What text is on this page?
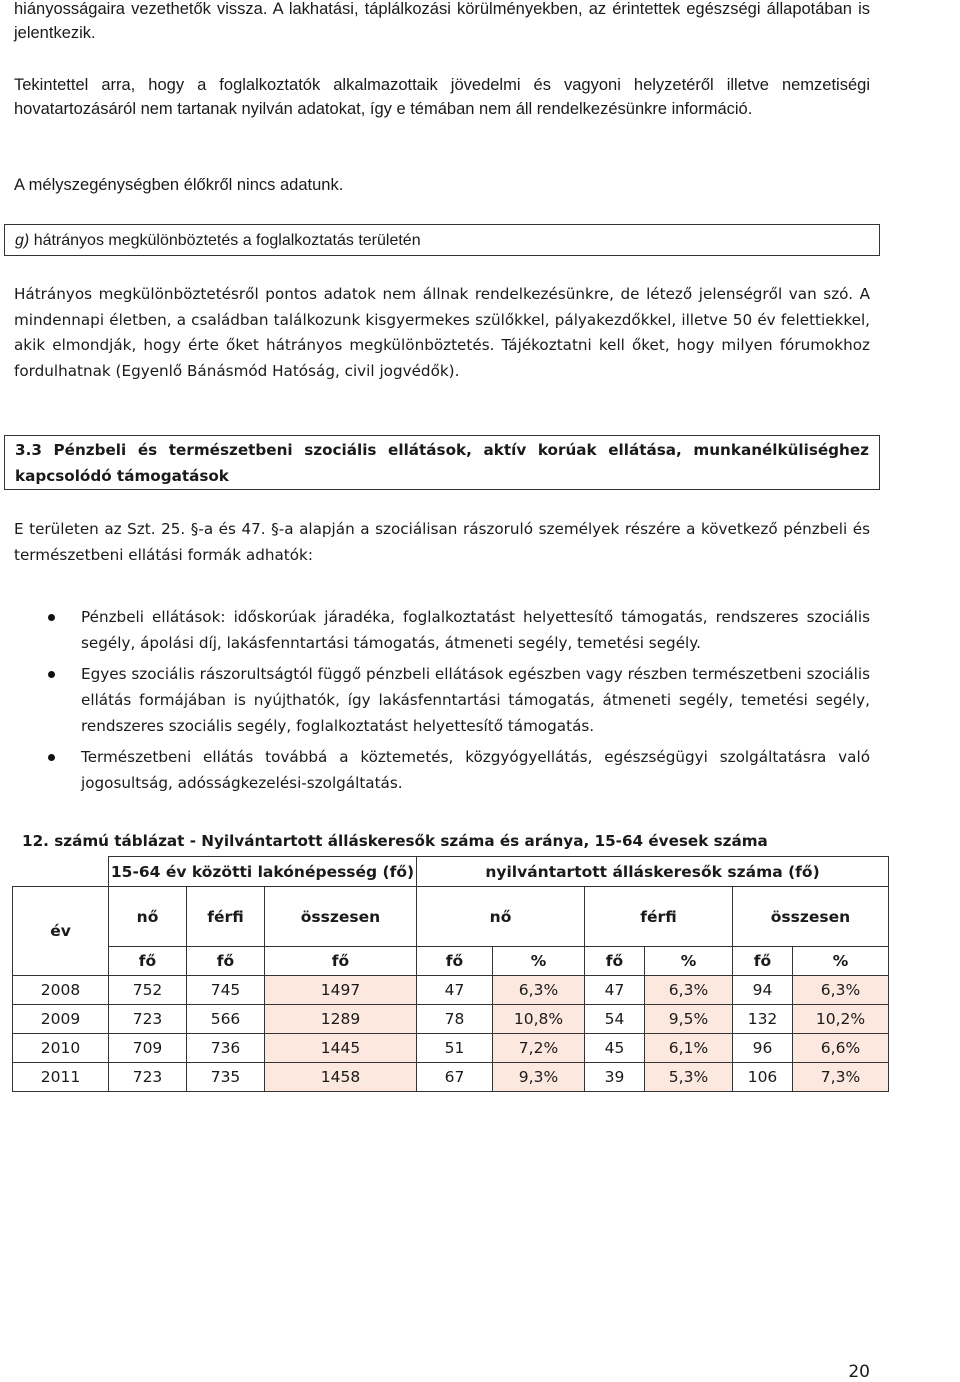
hiányosságaira vezethetők vissza. A lakhatási, táplálkozási körülményekben, az érintettek egészségi állapotában is jelentkezik.
Tekintettel arra, hogy a foglalkoztatók alkalmazottaik jövedelmi és vagyoni helyzetéről illetve nemzetiségi hovatartozásáról nem tartanak nyilván adatokat, így e témában nem áll rendelkezésünkre információ.
A mélyszegénységben élőkről nincs adatunk.
g) hátrányos megkülönböztetés a foglalkoztatás területén
Hátrányos megkülönböztetésről pontos adatok nem állnak rendelkezésünkre, de létező jelenségről van szó. A mindennapi életben, a családban találkozunk kisgyermekes szülőkkel, pályakezdőkkel, illetve 50 év felettiekkel, akik elmondják, hogy érte őket hátrányos megkülönböztetés. Tájékoztatni kell őket, hogy milyen fórumokhoz fordulhatnak (Egyenlő Bánásmód Hatóság, civil jogvédők).
3.3 Pénzbeli és természetbeni szociális ellátások, aktív korúak ellátása, munkanélküliséghez kapcsolódó támogatások
E területen az Szt. 25. §-a és 47. §-a alapján a szociálisan rászoruló személyek részére a következő pénzbeli és természetbeni ellátási formák adhatók:
Pénzbeli ellátások: időskorúak járadéka, foglalkoztatást helyettesítő támogatás, rendszeres szociális segély, ápolási díj, lakásfenntartási támogatás, átmeneti segély, temetési segély.
Egyes szociális rászorultságtól függő pénzbeli ellátások egészben vagy részben természetbeni szociális ellátás formájában is nyújthatók, így lakásfenntartási támogatás, átmeneti segély, temetési segély, rendszeres szociális segély, foglalkoztatást helyettesítő támogatás.
Természetbeni ellátás továbbá a köztemetés, közgyógyellátás, egészségügyi szolgáltatásra való jogosultság, adósságkezelési-szolgáltatás.
12. számú táblázat - Nyilvántartott álláskeresők száma és aránya, 15-64 évesek száma
	15-64 év közötti lakónépesség (fő)			nyilvántartott álláskeresők száma (fő)					
év	nő	férfi	összesen	nő		férfi		összesen	
	fő	fő	fő	fő	%	fő	%	fő	%
2008	752	745	1497	47	6,3%	47	6,3%	94	6,3%
2009	723	566	1289	78	10,8%	54	9,5%	132	10,2%
2010	709	736	1445	51	7,2%	45	6,1%	96	6,6%
2011	723	735	1458	67	9,3%	39	5,3%	106	7,3%
20
